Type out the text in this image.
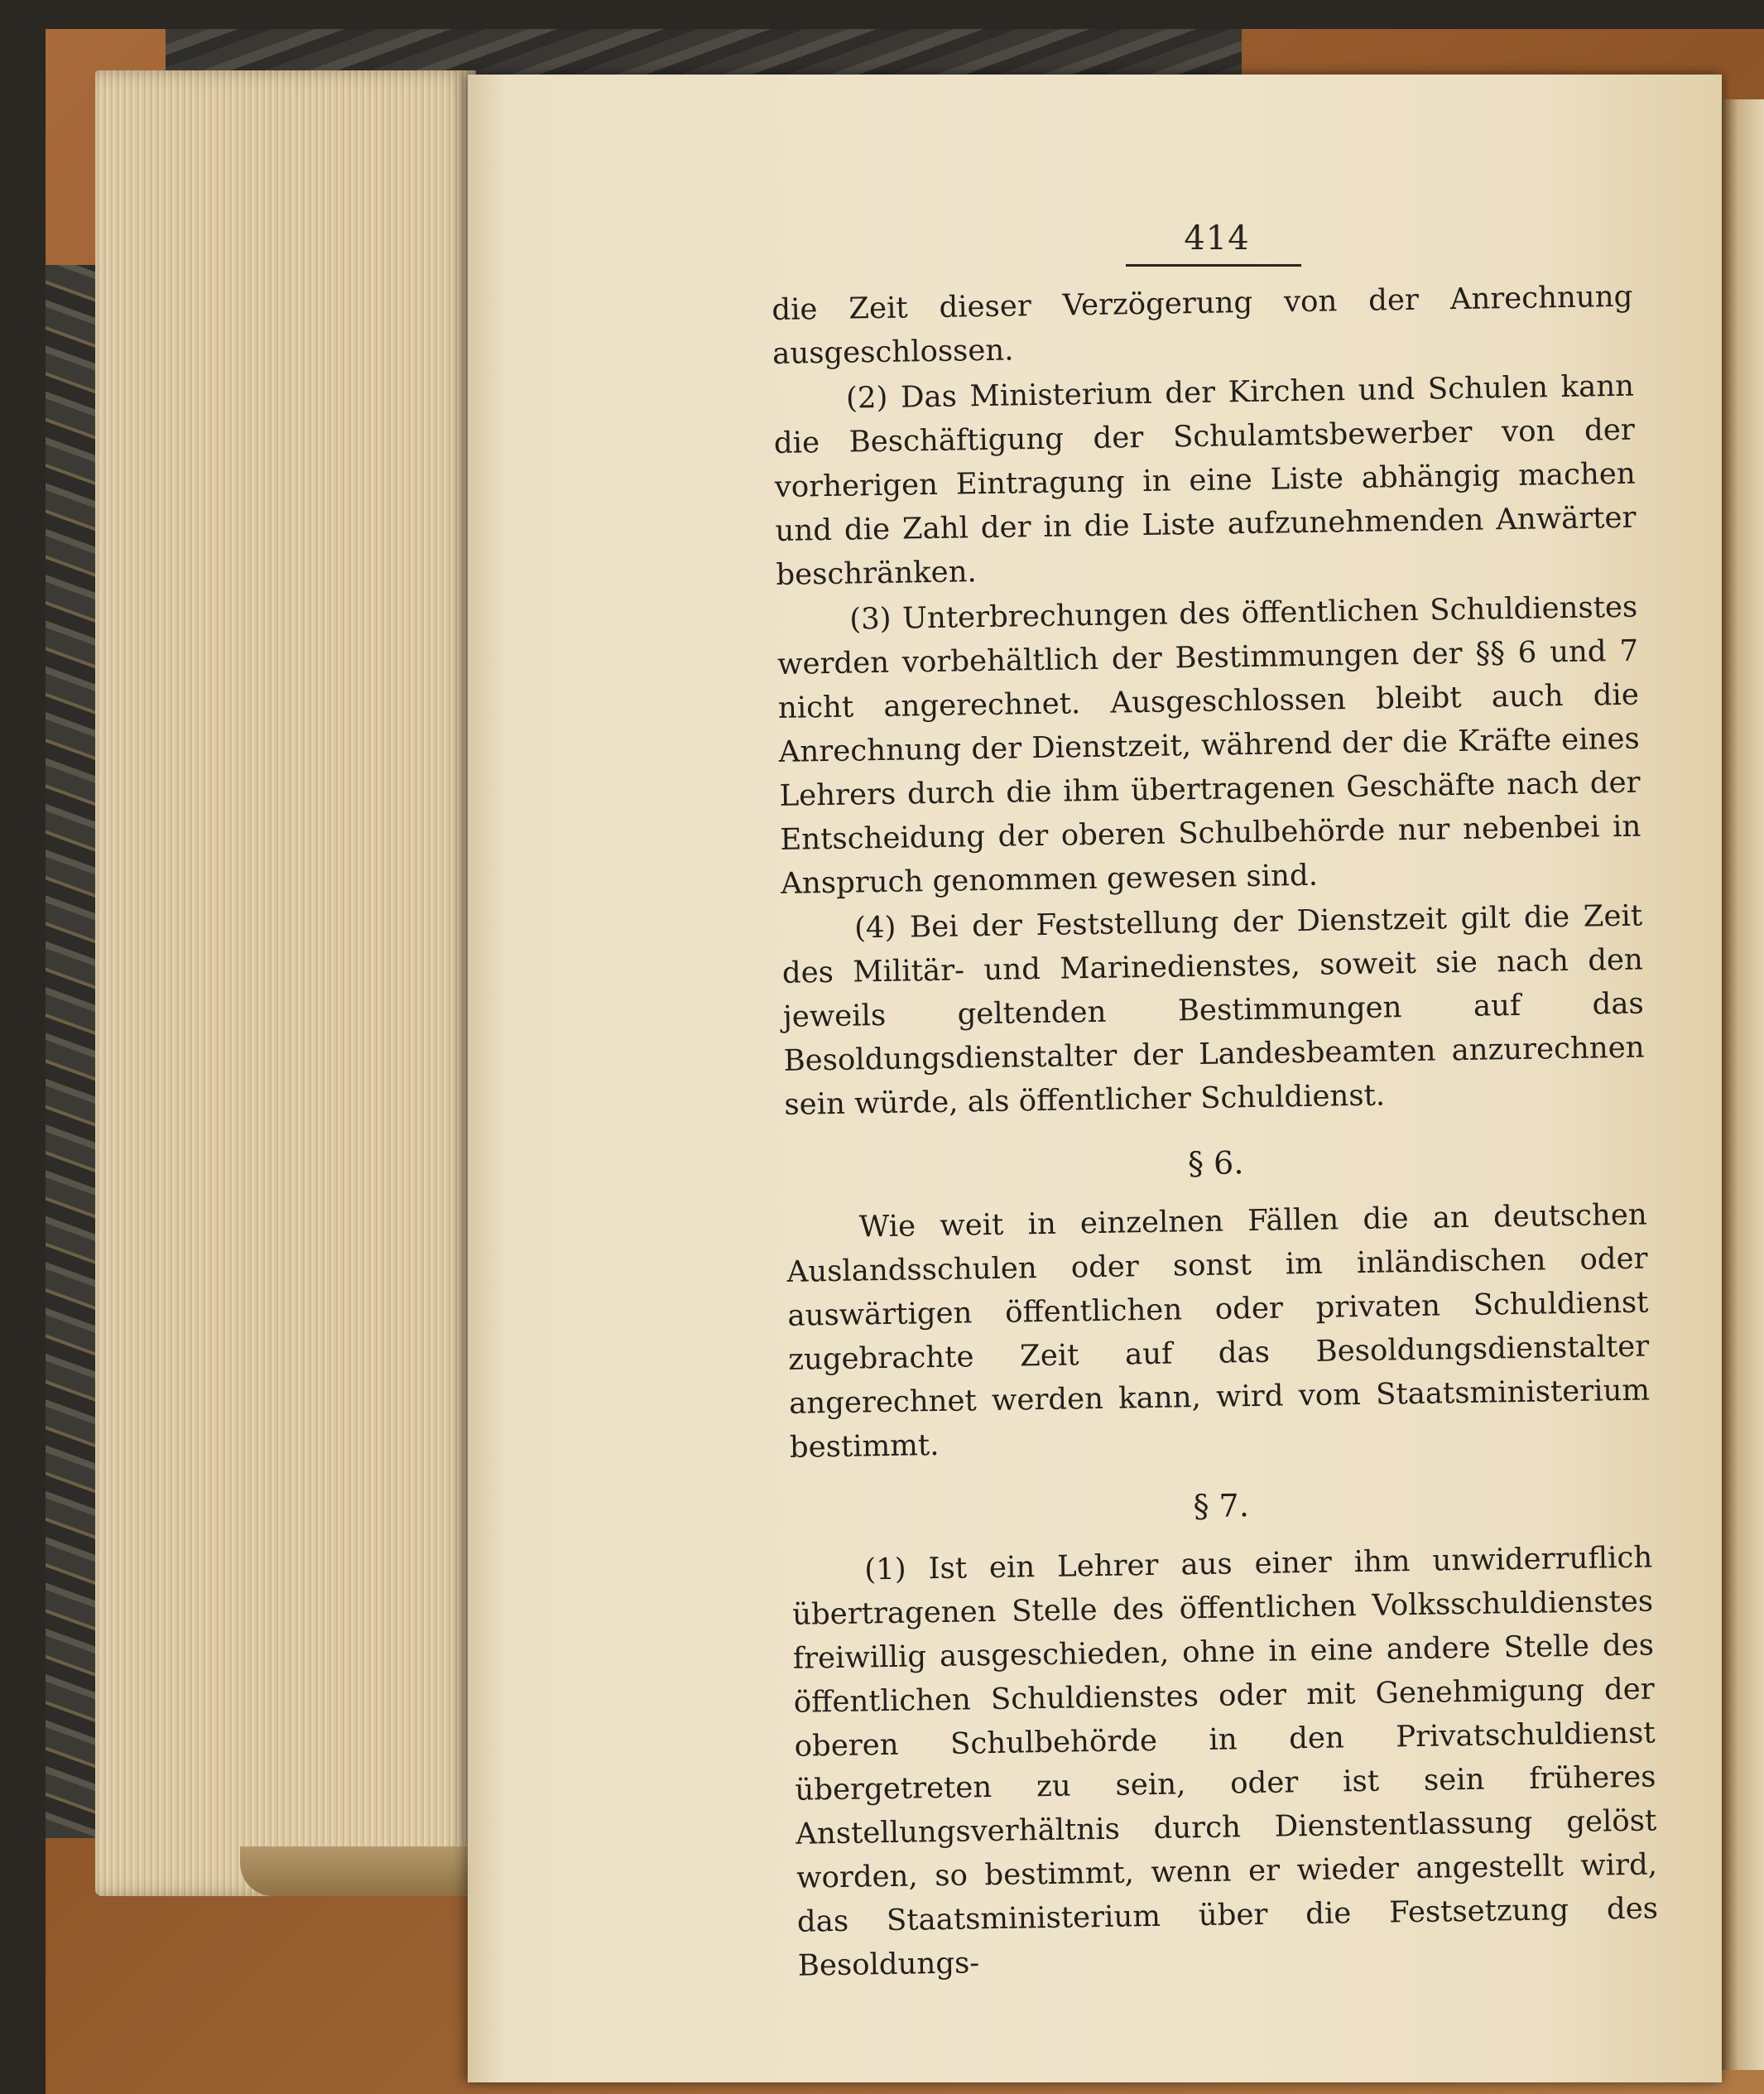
414

die Zeit dieser Verzögerung von der Anrechnung ausgeschlossen.

(2) Das Ministerium der Kirchen und Schulen kann die Beschäftigung der Schulamtsbewerber von der vorherigen Eintragung in eine Liste abhängig machen und die Zahl der in die Liste aufzunehmenden Anwärter beschränken.

(3) Unterbrechungen des öffentlichen Schuldienstes werden vorbehältlich der Bestimmungen der §§ 6 und 7 nicht angerechnet. Ausgeschlossen bleibt auch die Anrechnung der Dienstzeit, während der die Kräfte eines Lehrers durch die ihm übertragenen Geschäfte nach der Entscheidung der oberen Schulbehörde nur nebenbei in Anspruch genommen gewesen sind.

(4) Bei der Feststellung der Dienstzeit gilt die Zeit des Militär- und Marinedienstes, soweit sie nach den jeweils geltenden Bestimmungen auf das Besoldungsdienstalter der Landesbeamten anzurechnen sein würde, als öffentlicher Schuldienst.

§ 6.

Wie weit in einzelnen Fällen die an deutschen Auslandsschulen oder sonst im inländischen oder auswärtigen öffentlichen oder privaten Schuldienst zugebrachte Zeit auf das Besoldungsdienstalter angerechnet werden kann, wird vom Staatsministerium bestimmt.

§ 7.

(1) Ist ein Lehrer aus einer ihm unwiderruflich übertragenen Stelle des öffentlichen Volksschuldienstes freiwillig ausgeschieden, ohne in eine andere Stelle des öffentlichen Schuldienstes oder mit Genehmigung der oberen Schulbehörde in den Privatschuldienst übergetreten zu sein, oder ist sein früheres Anstellungsverhältnis durch Dienstentlassung gelöst worden, so bestimmt, wenn er wieder angestellt wird, das Staatsministerium über die Festsetzung des Besoldungs-
